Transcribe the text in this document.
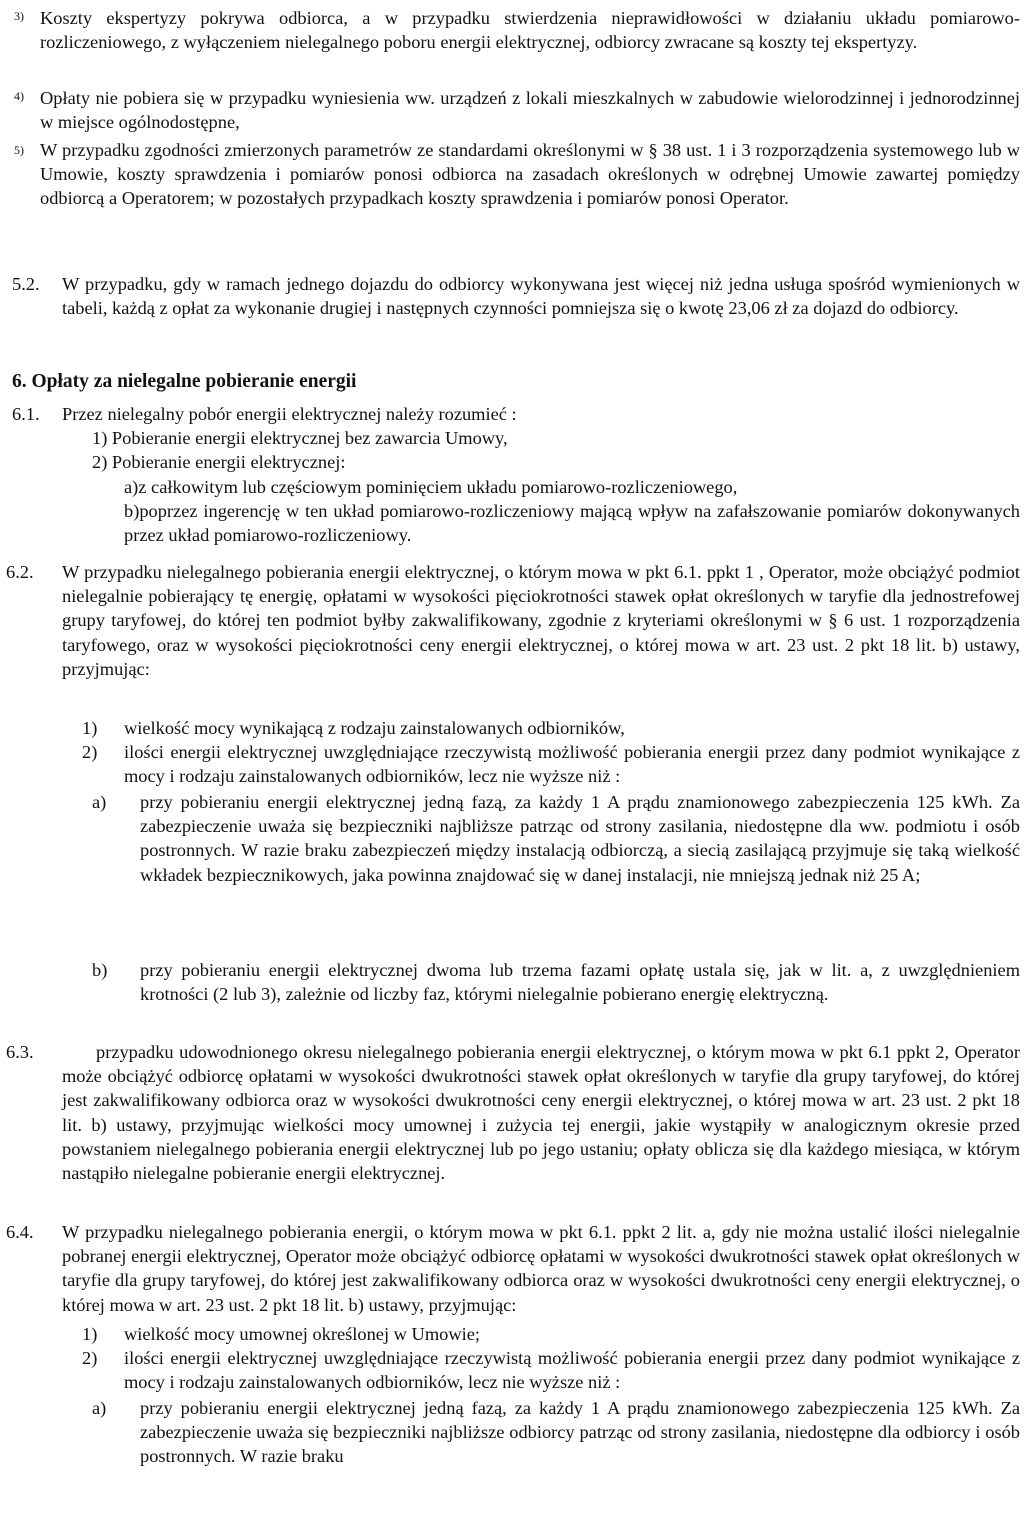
3) Koszty ekspertyzy pokrywa odbiorca, a w przypadku stwierdzenia nieprawidłowości w działaniu układu pomiarowo-rozliczeniowego, z wyłączeniem nielegalnego poboru energii elektrycznej, odbiorcy zwracane są koszty tej ekspertyzy.
4) Opłaty nie pobiera się w przypadku wyniesienia ww. urządzeń z lokali mieszkalnych w zabudowie wielorodzinnej i jednorodzinnej w miejsce ogólnodostępne,
5) W przypadku zgodności zmierzonych parametrów ze standardami określonymi w § 38 ust. 1 i 3 rozporządzenia systemowego lub w Umowie, koszty sprawdzenia i pomiarów ponosi odbiorca na zasadach określonych w odrębnej Umowie zawartej pomiędzy odbiorcą a Operatorem; w pozostałych przypadkach koszty sprawdzenia i pomiarów ponosi Operator.
5.2. W przypadku, gdy w ramach jednego dojazdu do odbiorcy wykonywana jest więcej niż jedna usługa spośród wymienionych w tabeli, każdą z opłat za wykonanie drugiej i następnych czynności pomniejsza się o kwotę 23,06 zł za dojazd do odbiorcy.
6. Opłaty za nielegalne pobieranie energii
6.1. Przez nielegalny pobór energii elektrycznej należy rozumieć :
1) Pobieranie energii elektrycznej bez zawarcia Umowy,
2) Pobieranie energii elektrycznej:
a)z całkowitym lub częściowym pominięciem układu pomiarowo-rozliczeniowego,
b)poprzez ingerencję w ten układ pomiarowo-rozliczeniowy mającą wpływ na zafałszowanie pomiarów dokonywanych przez układ pomiarowo-rozliczeniowy.
6.2. W przypadku nielegalnego pobierania energii elektrycznej, o którym mowa w pkt 6.1. ppkt 1 , Operator, może obciążyć podmiot nielegalnie pobierający tę energię, opłatami w wysokości pięciokrotności stawek opłat określonych w taryfie dla jednostrefowej grupy taryfowej, do której ten podmiot byłby zakwalifikowany, zgodnie z kryteriami określonymi w § 6 ust. 1 rozporządzenia taryfowego, oraz w wysokości pięciokrotności ceny energii elektrycznej, o której mowa w art. 23 ust. 2 pkt 18 lit. b) ustawy, przyjmując:
1) wielkość mocy wynikającą z rodzaju zainstalowanych odbiorników,
2) ilości energii elektrycznej uwzględniające rzeczywistą możliwość pobierania energii przez dany podmiot wynikające z mocy i rodzaju zainstalowanych odbiorników, lecz nie wyższe niż :
a) przy pobieraniu energii elektrycznej jedną fazą, za każdy 1 A prądu znamionowego zabezpieczenia 125 kWh. Za zabezpieczenie uważa się bezpieczniki najbliższe patrząc od strony zasilania, niedostępne dla ww. podmiotu i osób postronnych. W razie braku zabezpieczeń między instalacją odbiorczą, a siecią zasilającą przyjmuje się taką wielkość wkładek bezpiecznikowych, jaka powinna znajdować się w danej instalacji, nie mniejszą jednak niż 25 A;
b) przy pobieraniu energii elektrycznej dwoma lub trzema fazami opłatę ustala się, jak w lit. a, z uwzględnieniem krotności (2 lub 3), zależnie od liczby faz, którymi nielegalnie pobierano energię elektryczną.
6.3.	przypadku udowodnionego okresu nielegalnego pobierania energii elektrycznej, o którym mowa w pkt 6.1 ppkt 2, Operator może obciążyć odbiorcę opłatami w wysokości dwukrotności stawek opłat określonych w taryfie dla grupy taryfowej, do której jest zakwalifikowany odbiorca oraz w wysokości dwukrotności ceny energii elektrycznej, o której mowa w art. 23 ust. 2 pkt 18 lit. b) ustawy, przyjmując wielkości mocy umownej i zużycia tej energii, jakie wystąpiły w analogicznym okresie przed powstaniem nielegalnego pobierania energii elektrycznej lub po jego ustaniu; opłaty oblicza się dla każdego miesiąca, w którym nastąpiło nielegalne pobieranie energii elektrycznej.
6.4. W przypadku nielegalnego pobierania energii, o którym mowa w pkt 6.1. ppkt 2 lit. a, gdy nie można ustalić ilości nielegalnie pobranej energii elektrycznej, Operator może obciążyć odbiorcę opłatami w wysokości dwukrotności stawek opłat określonych w taryfie dla grupy taryfowej, do której jest zakwalifikowany odbiorca oraz w wysokości dwukrotności ceny energii elektrycznej, o której mowa w art. 23 ust. 2 pkt 18 lit. b) ustawy, przyjmując:
1) wielkość mocy umownej określonej w Umowie;
2) ilości energii elektrycznej uwzględniające rzeczywistą możliwość pobierania energii przez dany podmiot wynikające z mocy i rodzaju zainstalowanych odbiorników, lecz nie wyższe niż :
a) przy pobieraniu energii elektrycznej jedną fazą, za każdy 1 A prądu znamionowego zabezpieczenia 125 kWh. Za zabezpieczenie uważa się bezpieczniki najbliższe odbiorcy patrząc od strony zasilania, niedostępne dla odbiorcy i osób postronnych. W razie braku
